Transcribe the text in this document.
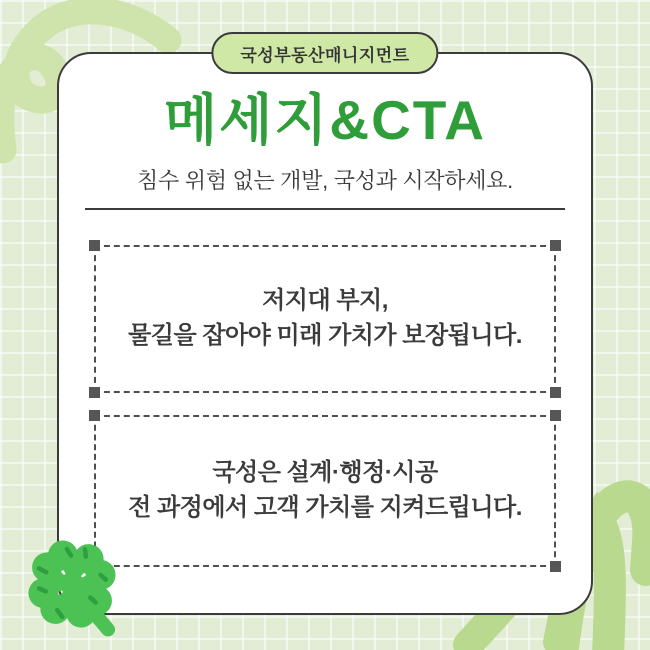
메세지&CTA
침수 위험 없는 개발, 국성과 시작하세요.
저지대 부지,
물길을 잡아야 미래 가치가 보장됩니다.
국성은 설계·행정·시공
전 과정에서 고객 가치를 지켜드립니다.
국성부동산매니지먼트
